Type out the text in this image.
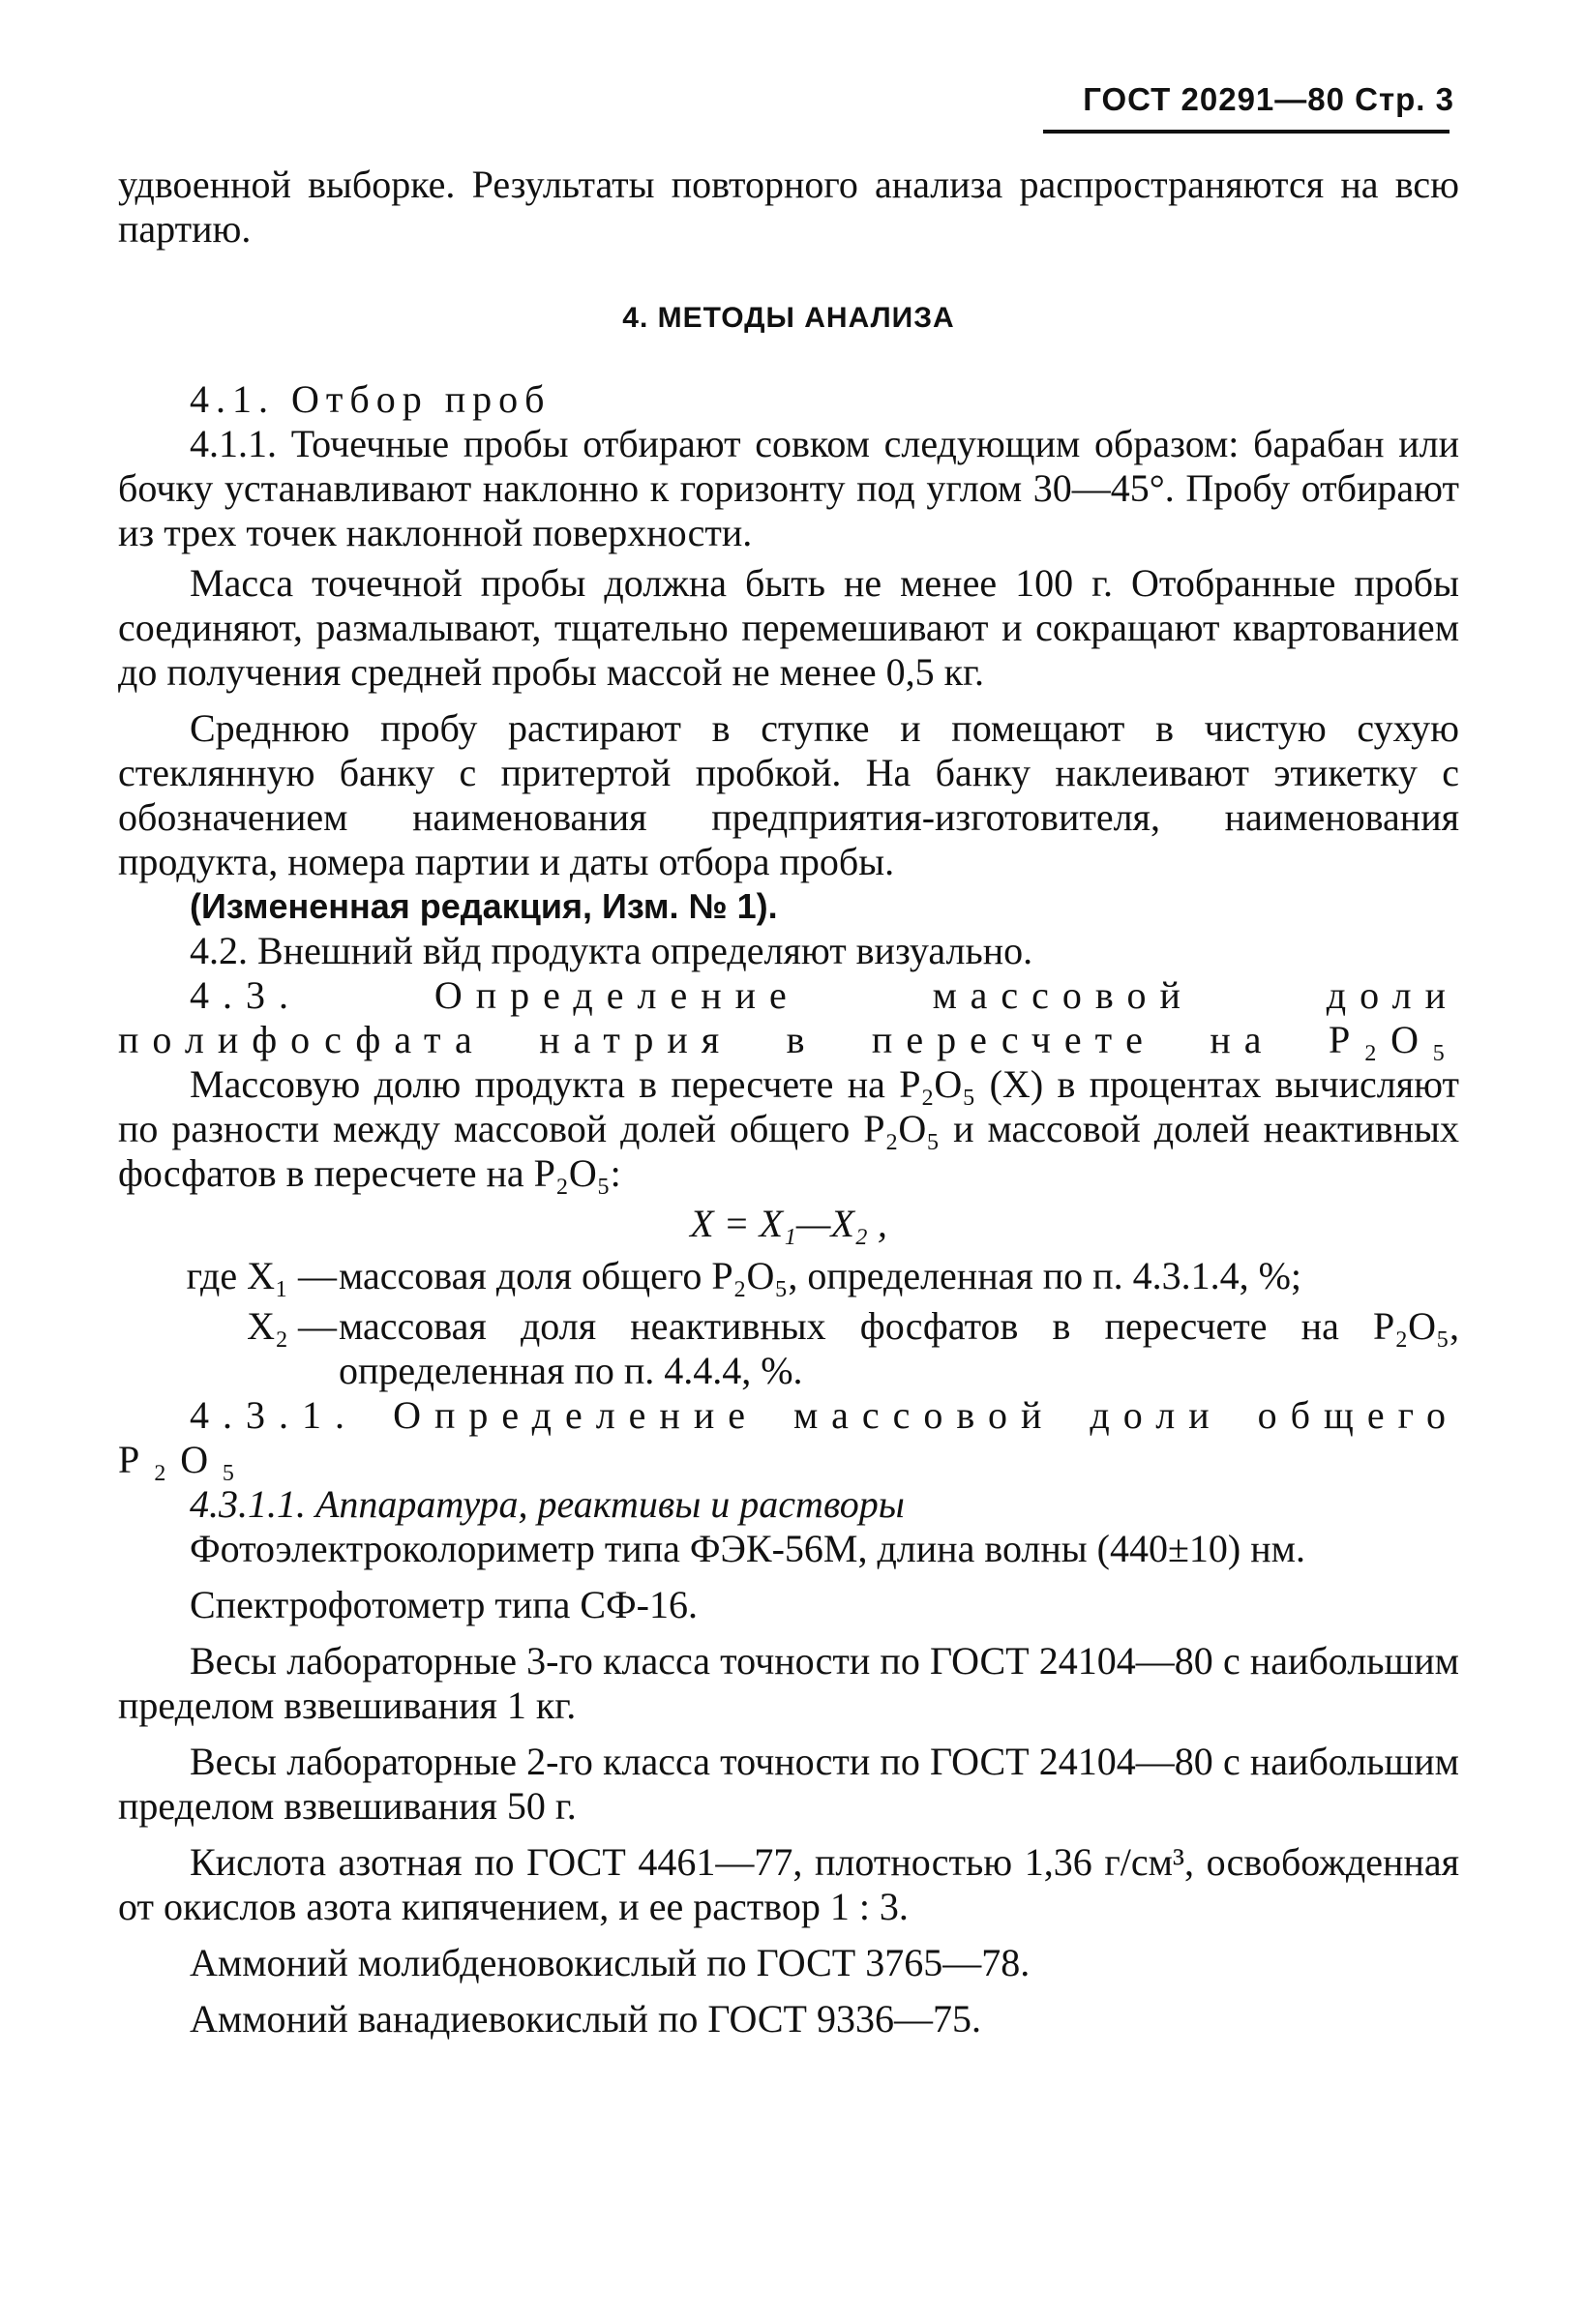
ГОСТ 20291—80 Стр. 3

удвоенной выборке. Результаты повторного анализа распространяются на всю партию.

4. МЕТОДЫ АНАЛИЗА

4.1. Отбор проб

4.1.1. Точечные пробы отбирают совком следующим образом: барабан или бочку устанавливают наклонно к горизонту под углом 30—45°. Пробу отбирают из трех точек наклонной поверхности.

Масса точечной пробы должна быть не менее 100 г. Отобранные пробы соединяют, размалывают, тщательно перемешивают и сокращают квартованием до получения средней пробы массой не менее 0,5 кг.

Среднюю пробу растирают в ступке и помещают в чистую сухую стеклянную банку с притертой пробкой. На банку наклеивают этикетку с обозначением наименования предприятия-изготовителя, наименования продукта, номера партии и даты отбора пробы.

(Измененная редакция, Изм. № 1).

4.2. Внешний вйд продукта определяют визуально.

4.3. Определение массовой доли полифосфата натрия в пересчете на P₂O₅

Массовую долю продукта в пересчете на P₂O₅ (X) в процентах вычисляют по разности между массовой долей общего P₂O₅ и массовой долей неактивных фосфатов в пересчете на P₂O₅:

X = X₁—X₂ ,

где X₁ — массовая доля общего P₂O₅, определенная по п. 4.3.1.4, %;

X₂ — массовая доля неактивных фосфатов в пересчете на P₂O₅, определенная по п. 4.4.4, %.

4.3.1. Определение массовой доли общего P₂O₅

4.3.1.1. Аппаратура, реактивы и растворы

Фотоэлектроколориметр типа ФЭК-56М, длина волны (440±10) нм.

Спектрофотометр типа СФ-16.

Весы лабораторные 3-го класса точности по ГОСТ 24104—80 с наибольшим пределом взвешивания 1 кг.

Весы лабораторные 2-го класса точности по ГОСТ 24104—80 с наибольшим пределом взвешивания 50 г.

Кислота азотная по ГОСТ 4461—77, плотностью 1,36 г/см³, освобожденная от окислов азота кипячением, и ее раствор 1 : 3.

Аммоний молибденовокислый по ГОСТ 3765—78.

Аммоний ванадиевокислый по ГОСТ 9336—75.
